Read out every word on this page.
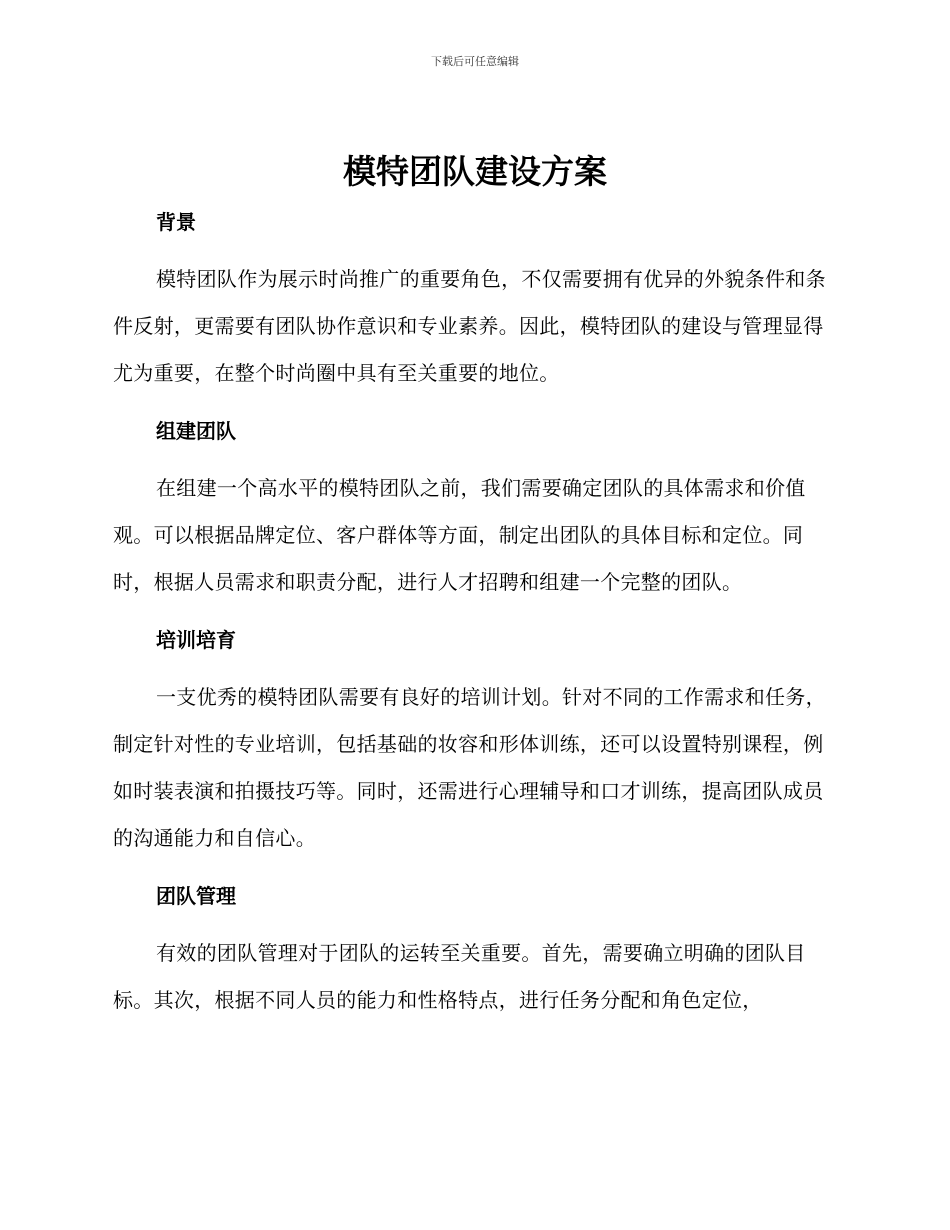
下载后可任意编辑
模特团队建设方案
背景

模特团队作为展示时尚推广的重要角色，不仅需要拥有优异的外貌条件和条件反射，更需要有团队协作意识和专业素养。因此，模特团队的建设与管理显得尤为重要，在整个时尚圈中具有至关重要的地位。

组建团队

在组建一个高水平的模特团队之前，我们需要确定团队的具体需求和价值观。可以根据品牌定位、客户群体等方面，制定出团队的具体目标和定位。同时，根据人员需求和职责分配，进行人才招聘和组建一个完整的团队。

培训培育

一支优秀的模特团队需要有良好的培训计划。针对不同的工作需求和任务，制定针对性的专业培训，包括基础的妆容和形体训练，还可以设置特别课程，例如时装表演和拍摄技巧等。同时，还需进行心理辅导和口才训练，提高团队成员的沟通能力和自信心。

团队管理

有效的团队管理对于团队的运转至关重要。首先，需要确立明确的团队目标。其次，根据不同人员的能力和性格特点，进行任务分配和角色定位，
